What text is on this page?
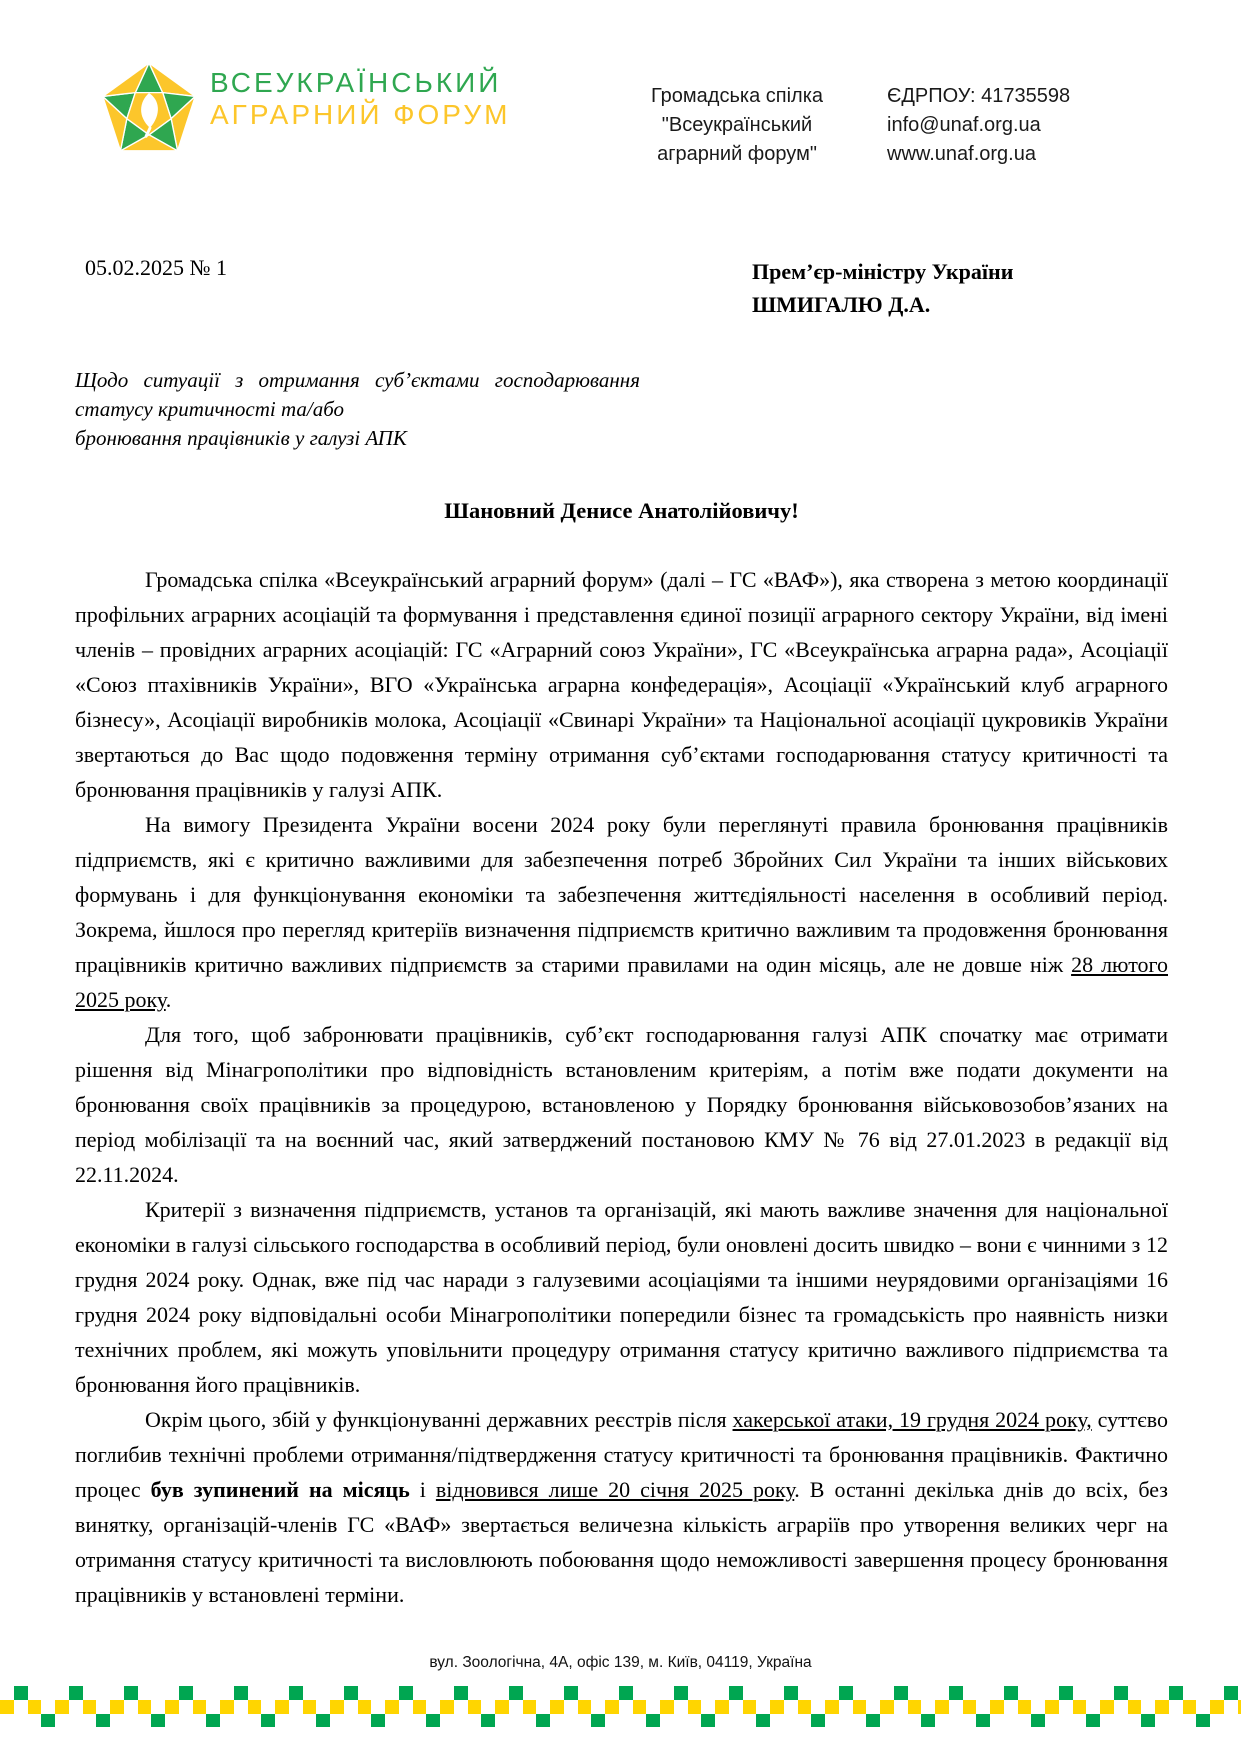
ВСЕУКРАЇНСЬКИЙ
АГРАРНИЙ ФОРУМ
Громадська спілка
"Всеукраїнський
аграрний форум"
ЄДРПОУ: 41735598
info@unaf.org.ua
www.unaf.org.ua
05.02.2025 № 1	Прем’єр-міністру України
ШМИГАЛЮ Д.А.
Щодо ситуації з отримання суб’єктами господарювання
статусу критичності та/або
бронювання працівників у галузі АПК
Шановний Денисе Анатолійовичу!

Громадська спілка «Всеукраїнський аграрний форум» (далі – ГС «ВАФ»), яка створена з метою координації профільних аграрних асоціацій та формування і представлення єдиної позиції аграрного сектору України, від імені членів – провідних аграрних асоціацій: ГС «Аграрний союз України», ГС «Всеукраїнська аграрна рада», Асоціації «Союз птахівників України», ВГО «Українська аграрна конфедерація», Асоціації «Український клуб аграрного бізнесу», Асоціації виробників молока, Асоціації «Свинарі України» та Національної асоціації цукровиків України звертаються до Вас щодо подовження терміну отримання суб’єктами господарювання статусу критичності та бронювання працівників у галузі АПК.

На вимогу Президента України восени 2024 року були переглянуті правила бронювання працівників підприємств, які є критично важливими для забезпечення потреб Збройних Сил України та інших військових формувань і для функціонування економіки та забезпечення життєдіяльності населення в особливий період. Зокрема, йшлося про перегляд критеріїв визначення підприємств критично важливим та продовження бронювання працівників критично важливих підприємств за старими правилами на один місяць, але не довше ніж 28 лютого 2025 року.

Для того, щоб забронювати працівників, суб’єкт господарювання галузі АПК спочатку має отримати рішення від Мінагрополітики про відповідність встановленим критеріям, а потім вже подати документи на бронювання своїх працівників за процедурою, встановленою у Порядку бронювання військовозобов’язаних на період мобілізації та на воєнний час, який затверджений постановою КМУ № 76 від 27.01.2023 в редакції від 22.11.2024.

Критерії з визначення підприємств, установ та організацій, які мають важливе значення для національної економіки в галузі сільського господарства в особливий період, були оновлені досить швидко – вони є чинними з 12 грудня 2024 року. Однак, вже під час наради з галузевими асоціаціями та іншими неурядовими організаціями 16 грудня 2024 року відповідальні особи Мінагрополітики попередили бізнес та громадськість про наявність низки технічних проблем, які можуть уповільнити процедуру отримання статусу критично важливого підприємства та бронювання його працівників.

Окрім цього, збій у функціонуванні державних реєстрів після хакерської атаки, 19 грудня 2024 року, суттєво поглибив технічні проблеми отримання/підтвердження статусу критичності та бронювання працівників. Фактично процес був зупинений на місяць і відновився лише 20 січня 2025 року. В останні декілька днів до всіх, без винятку, організацій-членів ГС «ВАФ» звертається величезна кількість аграріїв про утворення великих черг на отримання статусу критичності та висловлюють побоювання щодо неможливості завершення процесу бронювання працівників у встановлені терміни.

вул. Зоологічна, 4А, офіс 139, м. Київ, 04119, Україна
